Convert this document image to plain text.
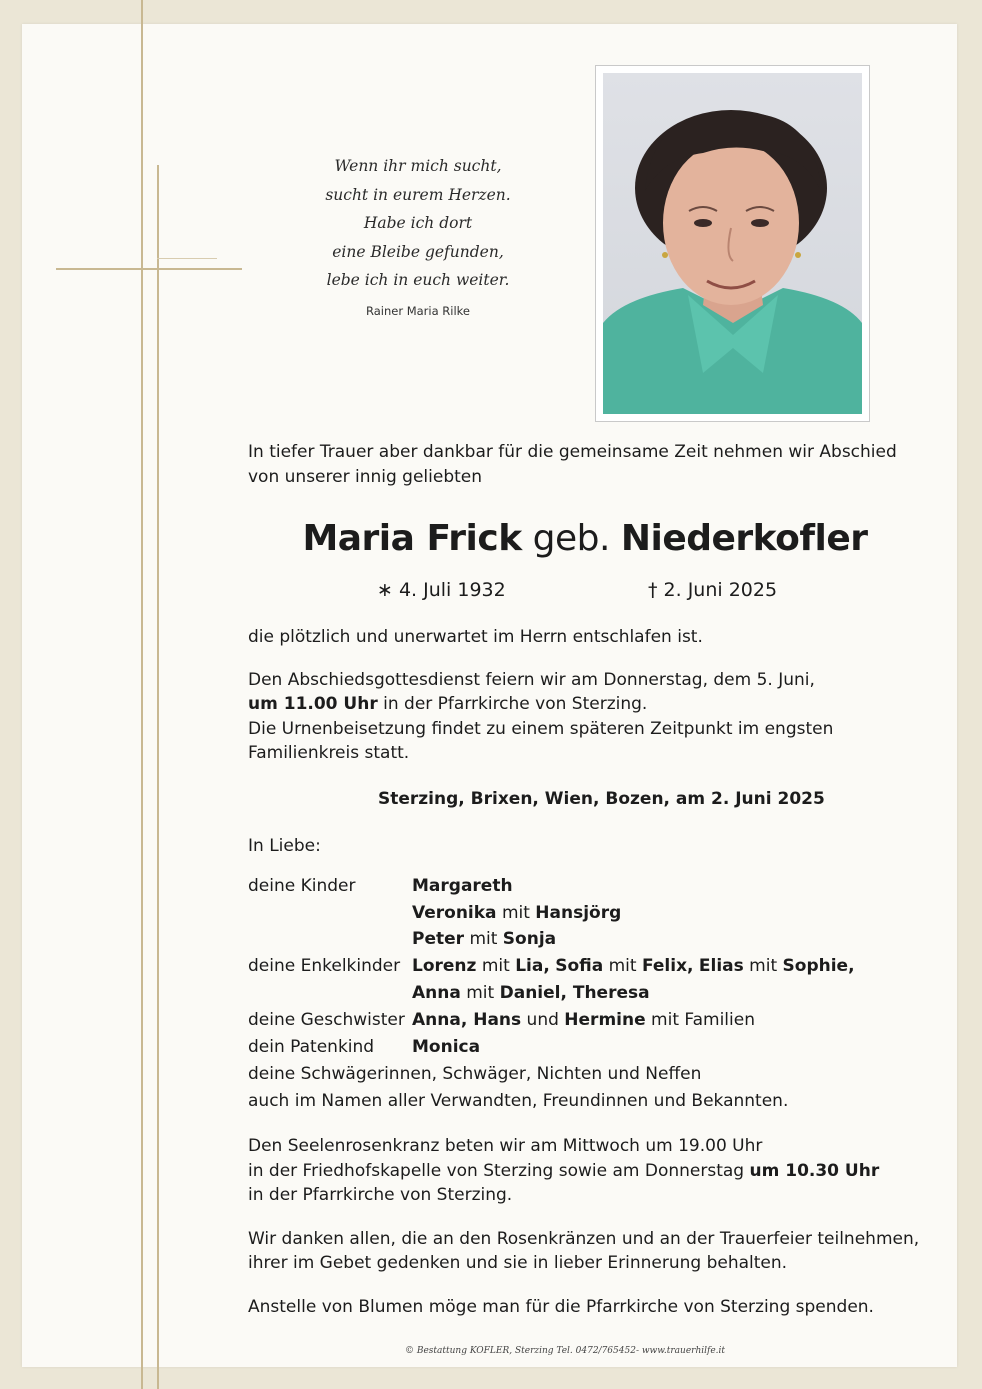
Wenn ihr mich sucht,
sucht in eurem Herzen.
Habe ich dort
eine Bleibe gefunden,
lebe ich in euch weiter.
Rainer Maria Rilke
In tiefer Trauer aber dankbar für die gemeinsame Zeit nehmen wir Abschied
von unserer innig geliebten
Maria Frick geb. Niederkofler
∗ 4. Juli 1932	† 2. Juni 2025
die plötzlich und unerwartet im Herrn entschlafen ist.
Den Abschiedsgottesdienst feiern wir am Donnerstag, dem 5. Juni,
um 11.00 Uhr in der Pfarrkirche von Sterzing.
Die Urnenbeisetzung findet zu einem späteren Zeitpunkt im engsten
Familienkreis statt.
Sterzing, Brixen, Wien, Bozen, am 2. Juni 2025
In Liebe:
deine Kinder	Margareth
Veronika mit Hansjörg
Peter mit Sonja
deine Enkelkinder Lorenz mit Lia, Sofia mit Felix, Elias mit Sophie,
Anna mit Daniel, Theresa
deine Geschwister Anna, Hans und Hermine mit Familien
dein Patenkind Monica
deine Schwägerinnen, Schwäger, Nichten und Neffen
auch im Namen aller Verwandten, Freundinnen und Bekannten.
Den Seelenrosenkranz beten wir am Mittwoch um 19.00 Uhr
in der Friedhofskapelle von Sterzing sowie am Donnerstag um 10.30 Uhr
in der Pfarrkirche von Sterzing.
Wir danken allen, die an den Rosenkränzen und an der Trauerfeier teilnehmen,
ihrer im Gebet gedenken und sie in lieber Erinnerung behalten.
Anstelle von Blumen möge man für die Pfarrkirche von Sterzing spenden.
© Bestattung KOFLER, Sterzing Tel. 0472/765452- www.trauerhilfe.it
